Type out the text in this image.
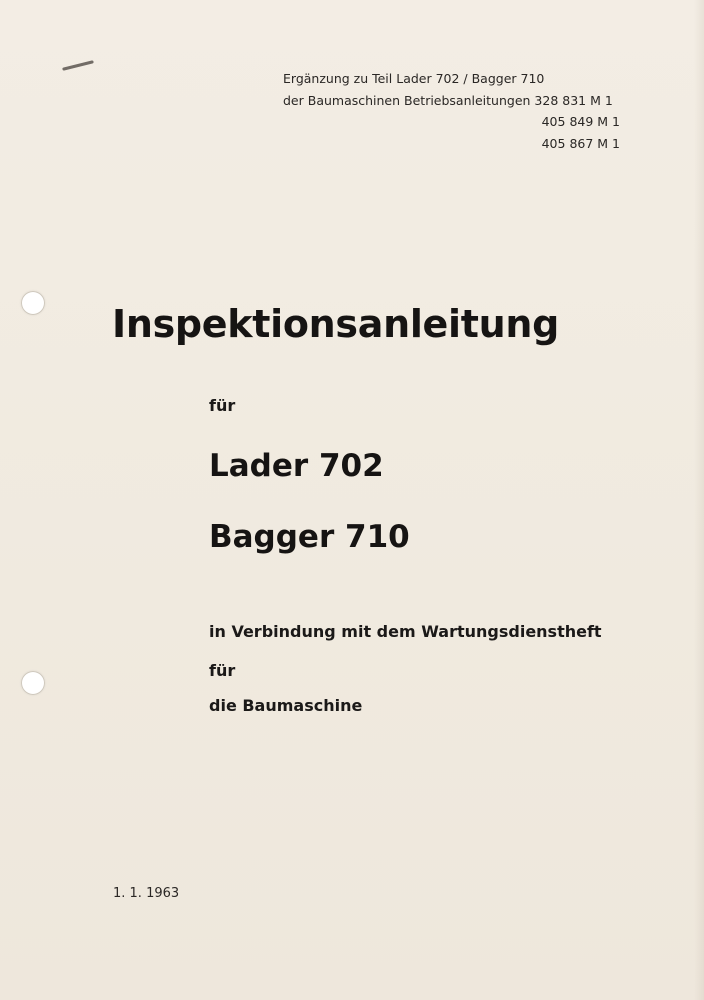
Ergänzung zu Teil Lader 702 / Bagger 710
der Baumaschinen Betriebsanleitungen 328 831 M 1
405 849 M 1
405 867 M 1
Inspektionsanleitung
für
Lader 702
Bagger 710
in Verbindung mit dem Wartungsdienstheft
für
die Baumaschine
1. 1. 1963
